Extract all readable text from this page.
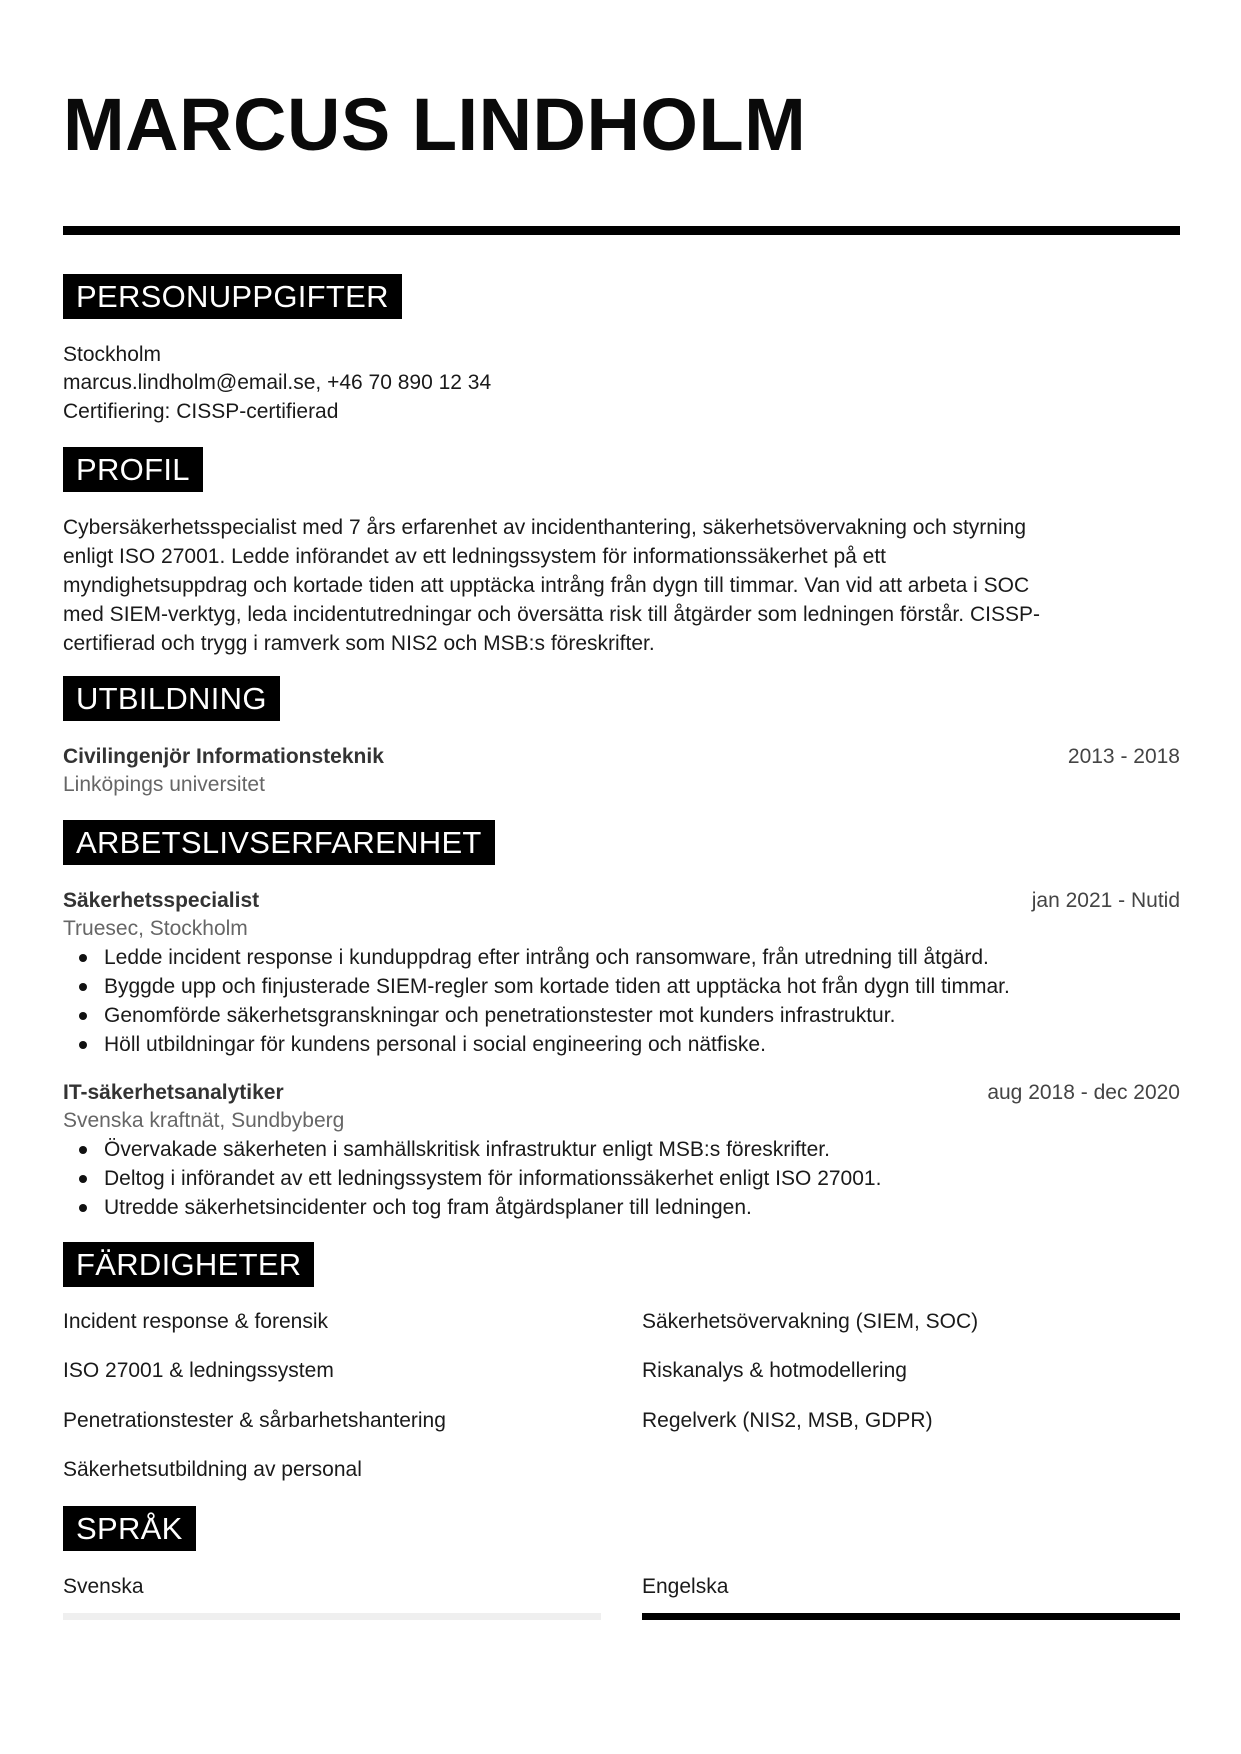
MARCUS LINDHOLM
PERSONUPPGIFTER
Stockholm
marcus.lindholm@email.se, +46 70 890 12 34
Certifiering: CISSP-certifierad
PROFIL
Cybersäkerhetsspecialist med 7 års erfarenhet av incidenthantering, säkerhetsövervakning och styrning
enligt ISO 27001. Ledde införandet av ett ledningssystem för informationssäkerhet på ett
myndighetsuppdrag och kortade tiden att upptäcka intrång från dygn till timmar. Van vid att arbeta i SOC
med SIEM-verktyg, leda incidentutredningar och översätta risk till åtgärder som ledningen förstår. CISSP-
certifierad och trygg i ramverk som NIS2 och MSB:s föreskrifter.
UTBILDNING
Civilingenjör Informationsteknik	2013 - 2018
Linköpings universitet
ARBETSLIVSERFARENHET
Säkerhetsspecialist	jan 2021 - Nutid
Truesec, Stockholm
Ledde incident response i kunduppdrag efter intrång och ransomware, från utredning till åtgärd.
Byggde upp och finjusterade SIEM-regler som kortade tiden att upptäcka hot från dygn till timmar.
Genomförde säkerhetsgranskningar och penetrationstester mot kunders infrastruktur.
Höll utbildningar för kundens personal i social engineering och nätfiske.
IT-säkerhetsanalytiker	aug 2018 - dec 2020
Svenska kraftnät, Sundbyberg
Övervakade säkerheten i samhällskritisk infrastruktur enligt MSB:s föreskrifter.
Deltog i införandet av ett ledningssystem för informationssäkerhet enligt ISO 27001.
Utredde säkerhetsincidenter och tog fram åtgärdsplaner till ledningen.
FÄRDIGHETER
Incident response & forensik	Säkerhetsövervakning (SIEM, SOC)
ISO 27001 & ledningssystem	Riskanalys & hotmodellering
Penetrationstester & sårbarhetshantering	Regelverk (NIS2, MSB, GDPR)
Säkerhetsutbildning av personal
SPRÅK
Svenska	Engelska
